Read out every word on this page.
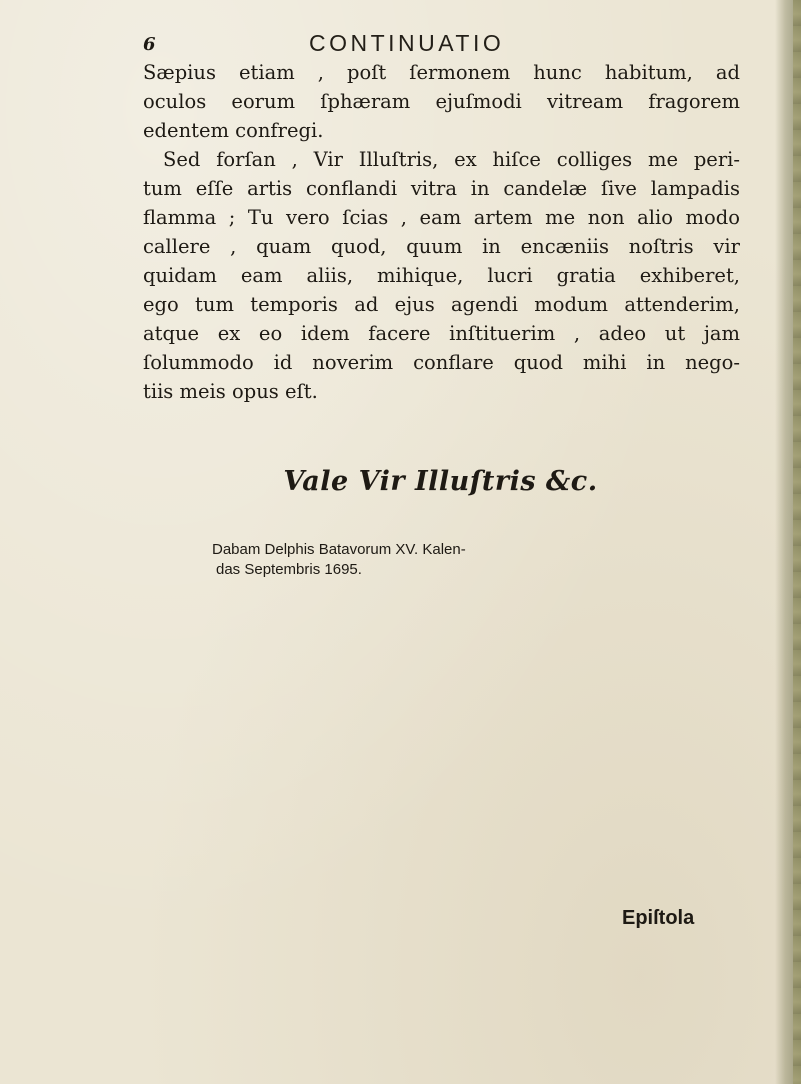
6	CONTINUATIO
Sæpius etiam , poſt ſermonem hunc habitum, ad
oculos eorum ſphæram ejuſmodi vitream fragorem
edentem confregi.
Sed forſan , Vir Illuſtris, ex hiſce colliges me peri-
tum eſſe artis conflandi vitra in candelæ ſive lampadis
flamma ; Tu vero ſcias , eam artem me non alio modo
callere , quam quod, quum in encæniis noſtris vir
quidam eam aliis, mihique, lucri gratia exhiberet,
ego tum temporis ad ejus agendi modum attenderim,
atque ex eo idem facere inſtituerim , adeo ut jam
ſolummodo id noverim conflare quod mihi in nego-
tiis meis opus eſt.
Vale Vir Illuſtris &c.
Dabam Delphis Batavorum XV. Kalen-
das Septembris 1695.
Epiſtola
